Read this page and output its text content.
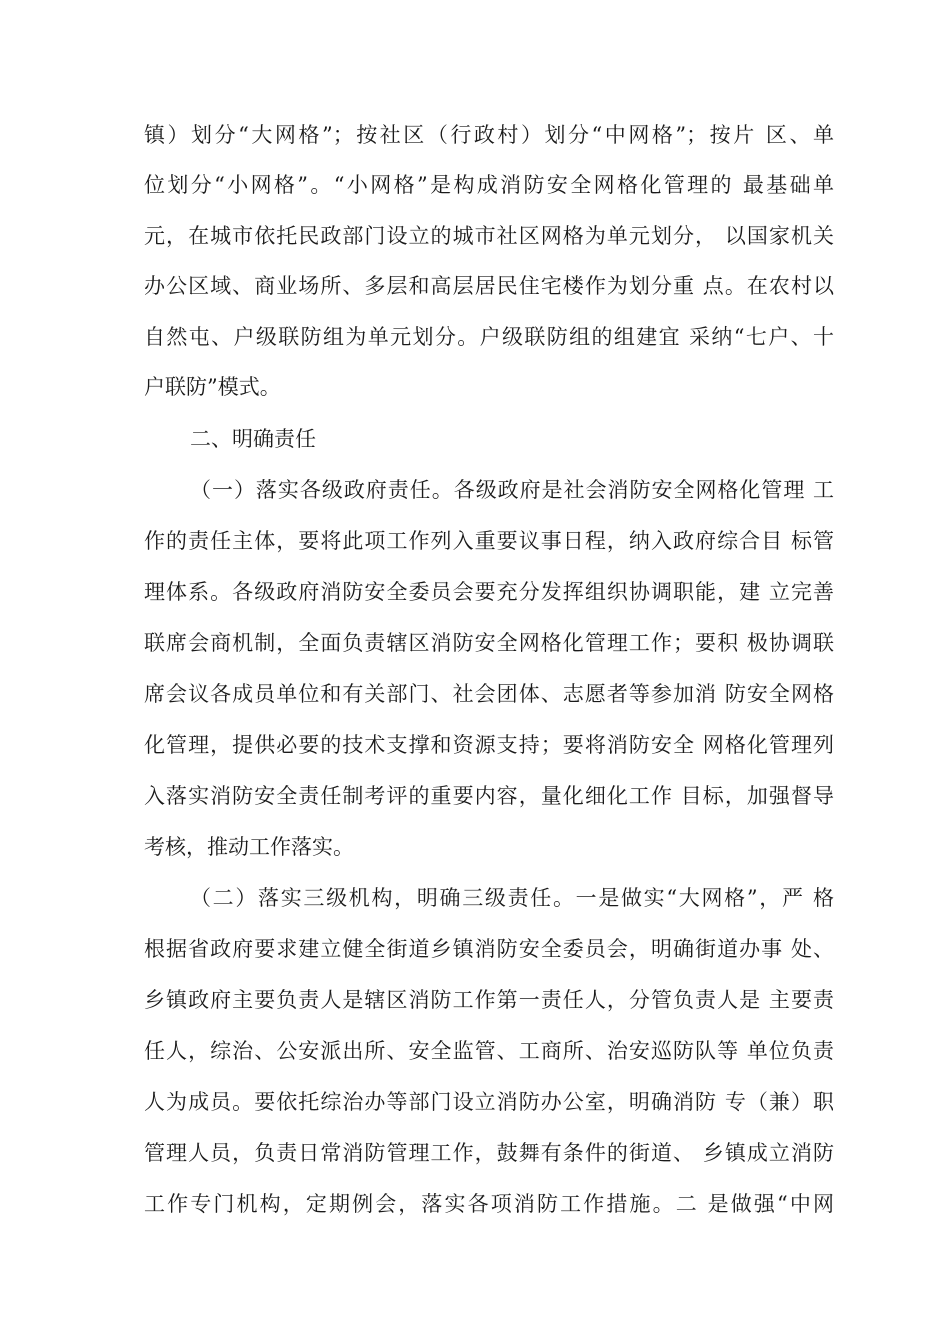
镇）划分“大网格”；按社区（行政村）划分“中网格”；按片 区、单
位划分“小网格”。“小网格”是构成消防安全网格化管理的 最基础单
元，在城市依托民政部门设立的城市社区网格为单元划分， 以国家机关
办公区域、商业场所、多层和高层居民住宅楼作为划分重 点。在农村以
自然屯、户级联防组为单元划分。户级联防组的组建宜 采纳“七户、十
户联防”模式。
二、明确责任
（一）落实各级政府责任。各级政府是社会消防安全网格化管理 工
作的责任主体，要将此项工作列入重要议事日程，纳入政府综合目 标管
理体系。各级政府消防安全委员会要充分发挥组织协调职能，建 立完善
联席会商机制，全面负责辖区消防安全网格化管理工作；要积 极协调联
席会议各成员单位和有关部门、社会团体、志愿者等参加消 防安全网格
化管理，提供必要的技术支撑和资源支持；要将消防安全 网格化管理列
入落实消防安全责任制考评的重要内容，量化细化工作 目标，加强督导
考核，推动工作落实。
（二）落实三级机构，明确三级责任。一是做实“大网格”，严 格
根据省政府要求建立健全街道乡镇消防安全委员会，明确街道办事 处、
乡镇政府主要负责人是辖区消防工作第一责任人，分管负责人是 主要责
任人，综治、公安派出所、安全监管、工商所、治安巡防队等 单位负责
人为成员。要依托综治办等部门设立消防办公室，明确消防 专（兼）职
管理人员，负责日常消防管理工作，鼓舞有条件的街道、 乡镇成立消防
工作专门机构，定期例会，落实各项消防工作措施。二 是做强“中网
